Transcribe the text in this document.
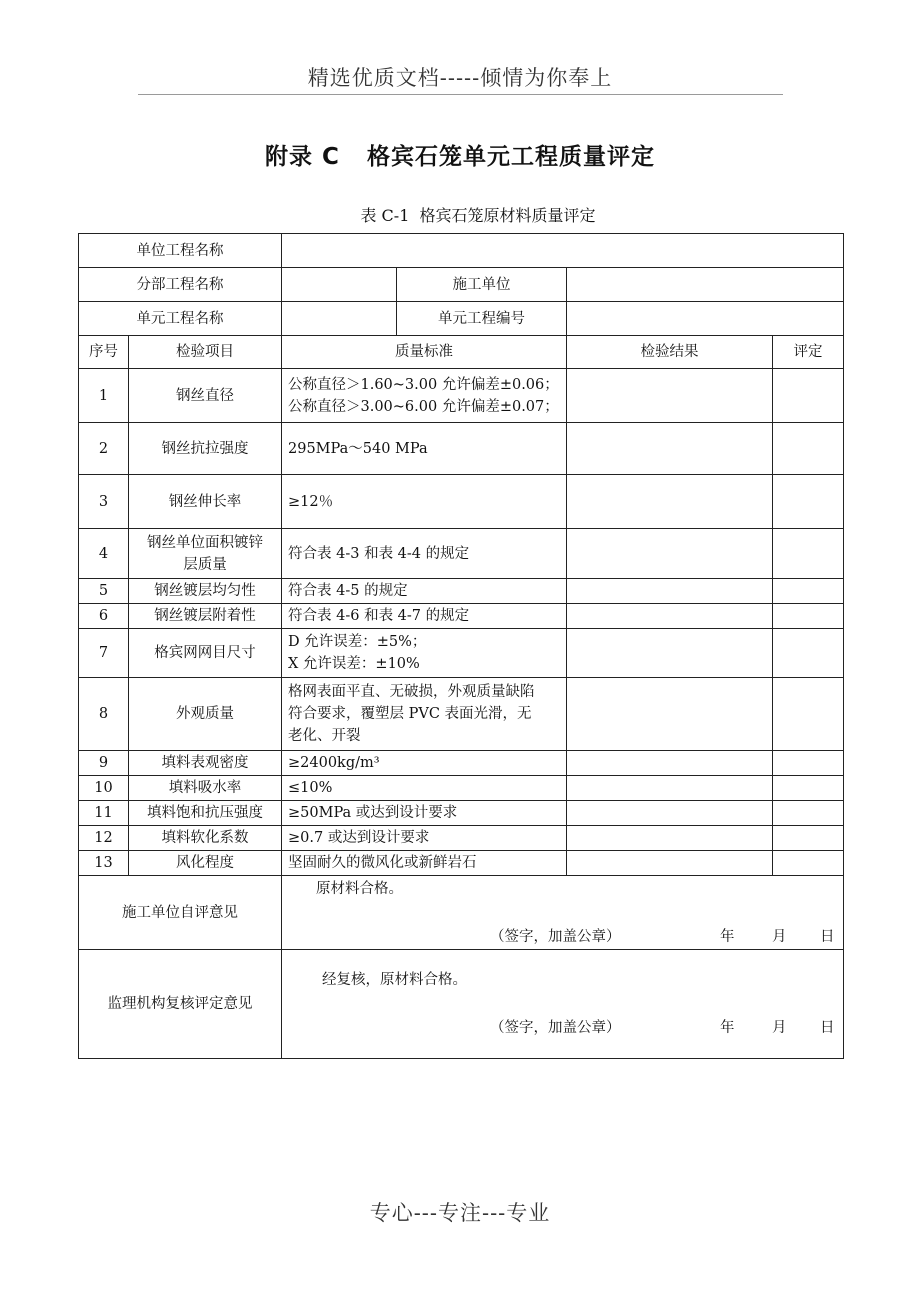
精选优质文档-----倾情为你奉上
附录 C   格宾石笼单元工程质量评定
表 C-1  格宾石笼原材料质量评定
单位工程名称					
分部工程名称			施工单位		
单元工程名称			单元工程编号		
序号	检验项目	质量标准		检验结果	评定
1	钢丝直径	公称直径＞1.60~3.00 允许偏差±0.06；
公称直径＞3.00~6.00 允许偏差±0.07；			

2	钢丝抗拉强度	295MPa～540 MPa			

3	钢丝伸长率	≥12％			

4	钢丝单位面积镀锌
层质量	符合表 4-3 和表 4-4 的规定			

5	钢丝镀层均匀性	符合表 4-5 的规定			

6	钢丝镀层附着性	符合表 4-6 和表 4-7 的规定			

7	格宾网网目尺寸	D 允许误差：±5%；
X 允许误差：±10%			

8	外观质量	格网表面平直、无破损，外观质量缺陷
符合要求，覆塑层 PVC 表面光滑，无
老化、开裂			

9	填料表观密度	≥2400kg/m³			

10	填料吸水率	≤10%			

11	填料饱和抗压强度	≥50MPa 或达到设计要求			

12	填料软化系数	≥0.7 或达到设计要求			

13	风化程度	坚固耐久的微风化或新鲜岩石			

施工单位自评意见		原材料合格。
（签字，加盖公章） 年 月 日			

监理机构复核评定意见		经复核，原材料合格。
（签字，加盖公章） 年 月 日			
专心---专注---专业
